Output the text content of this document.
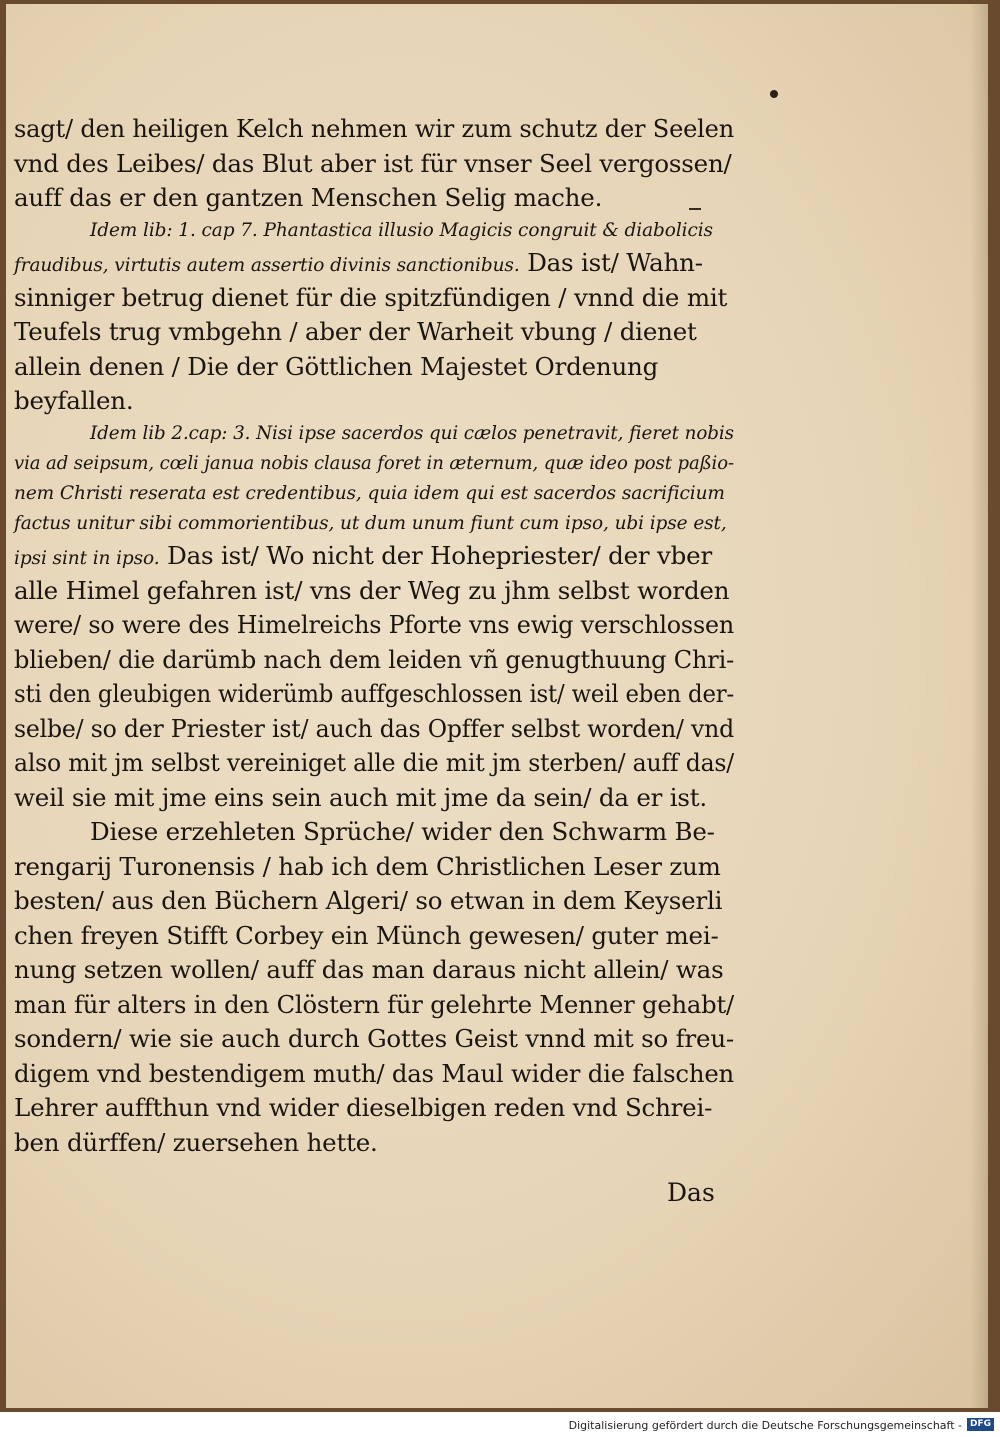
sagt/ den heiligen Kelch nehmen wir zum schutz der Seelen
vnd des Leibes/ das Blut aber ist für vnser Seel vergossen/
auff das er den gantzen Menschen Selig mache.

Idem lib: 1. cap 7. Phantastica illusio Magicis congruit & diabolicis
fraudibus, virtutis autem assertio divinis sanctionibus. Das ist/ Wahn-
sinniger betrug dienet für die spitzfündigen / vnnd die mit
Teufels trug vmbgehn / aber der Warheit vbung / dienet
allein denen / Die der Göttlichen Majestet Ordenung
beyfallen.

Idem lib 2.cap: 3. Nisi ipse sacerdos qui cælos penetravit, fieret nobis
via ad seipsum, cœli janua nobis clausa foret in æternum, quæ ideo post paßio-
nem Christi reserata est credentibus, quia idem qui est sacerdos sacrificium
factus unitur sibi commorientibus, ut dum unum fiunt cum ipso, ubi ipse est,
ipsi sint in ipso. Das ist/ Wo nicht der Hohepriester/ der vber
alle Himel gefahren ist/ vns der Weg zu jhm selbst worden
were/ so were des Himelreichs Pforte vns ewig verschlossen
blieben/ die darümb nach dem leiden vñ genugthuung Chri-
sti den gleubigen widerümb auffgeschlossen ist/ weil eben der-
selbe/ so der Priester ist/ auch das Opffer selbst worden/ vnd
also mit jm selbst vereiniget alle die mit jm sterben/ auff das/
weil sie mit jme eins sein auch mit jme da sein/ da er ist.

Diese erzehleten Sprüche/ wider den Schwarm Be-
rengarij Turonensis / hab ich dem Christlichen Leser zum
besten/ aus den Büchern Algeri/ so etwan in dem Keyserli
chen freyen Stifft Corbey ein Münch gewesen/ guter mei-
nung setzen wollen/ auff das man daraus nicht allein/ was
man für alters in den Clöstern für gelehrte Menner gehabt/
sondern/ wie sie auch durch Gottes Geist vnnd mit so freu-
digem vnd bestendigem muth/ das Maul wider die falschen
Lehrer auffthun vnd wider dieselbigen reden vnd Schrei-
ben dürffen/ zuersehen hette.

Das
Digitalisierung gefördert durch die Deutsche Forschungsgemeinschaft - DFG
